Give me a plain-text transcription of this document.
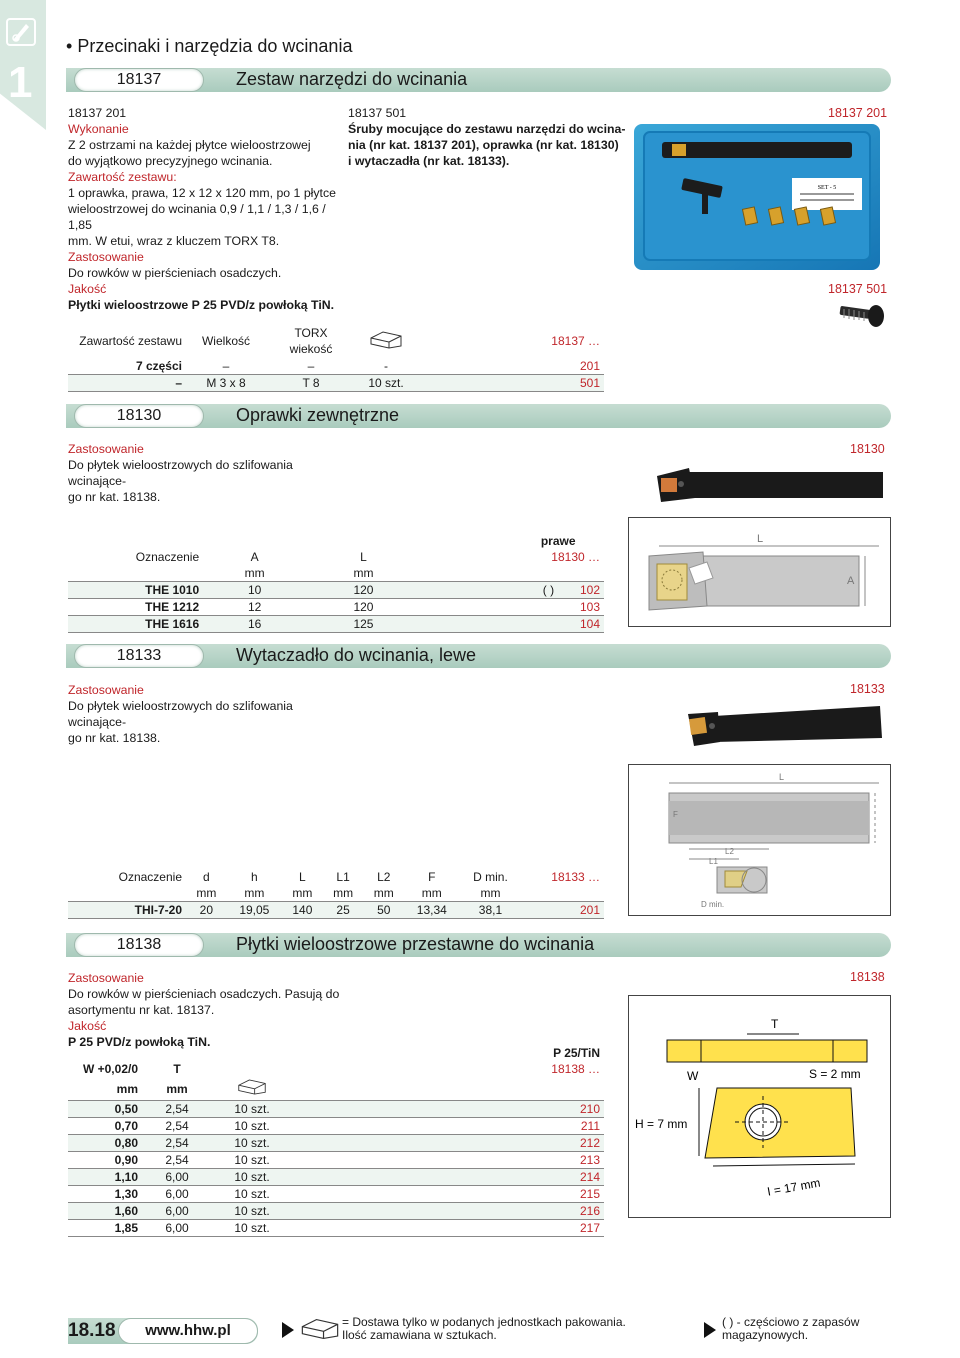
1
• Przecinaki i narzędzia do wcinania
18137	Zestaw narzędzi do wcinania
18137 201
Wykonanie
Z 2 ostrzami na każdej płytce wieloostrzowej
do wyjątkowo precyzyjnego wcinania.
Zawartość zestawu:
1 oprawka, prawa, 12 x 12 x 120 mm, po 1 płytce
wieloostrzowej do wcinania 0,9 / 1,1 / 1,3 / 1,6 / 1,85
mm. W etui, wraz z kluczem TORX T8.
Zastosowanie
Do rowków w pierścieniach osadczych.
Jakość
Płytki wieloostrzowe P 25 PVD/z powłoką TiN.
18137 501
Śruby mocujące do zestawu narzędzi do wcina-
nia (nr kat. 18137 201), oprawka (nr kat. 18130)
i wytaczadła (nr kat. 18133).
18137 201
SET - 5
18137 501
Zawartość zestawu	Wielkość	TORX wiekość		18137 …
7 części	–	–	-	201
–	M 3 x 8	T 8	10 szt.	501
18130	Oprawki zewnętrzne
Zastosowanie
Do płytek wieloostrzowych do szlifowania wcinające-
go nr kat. 18138.
18130
				prawe	
Oznaczenie	A	L		18130 …	
	mm	mm			
THE 1010	10	120		( )	102
THE 1212	12	120			103
THE 1616	16	125			104
L
A
18133	Wytaczadło do wcinania, lewe
Zastosowanie
Do płytek wieloostrzowych do szlifowania wcinające-
go nr kat. 18138.
18133
Oznaczenie	d	h	L	L1	L2	F	D min.	18133 …
	mm	mm	mm	mm	mm	mm	mm	
THI-7-20	20	19,05	140	25	50	13,34	38,1	201
L
F
L2
L1
D min.
18138	Płytki wieloostrzowe przestawne do wcinania
Zastosowanie
Do rowków w pierścieniach osadczych. Pasują do
asortymentu nr kat. 18137.
Jakość
P 25 PVD/z powłoką TiN.
18138
			P 25/TiN
W +0,02/0	T		18138 …
mm	mm		
0,50	2,54	10 szt.	210
0,70	2,54	10 szt.	211
0,80	2,54	10 szt.	212
0,90	2,54	10 szt.	213
1,10	6,00	10 szt.	214
1,30	6,00	10 szt.	215
1,60	6,00	10 szt.	216
1,85	6,00	10 szt.	217
T
W	S = 2 mm
H = 7 mm
I = 17 mm
18.18	www.hhw.pl	= Dostawa tylko w podanych jednostkach pakowania. Ilość zamawiana w sztukach.
( ) - częściowo z zapasów magazynowych.
